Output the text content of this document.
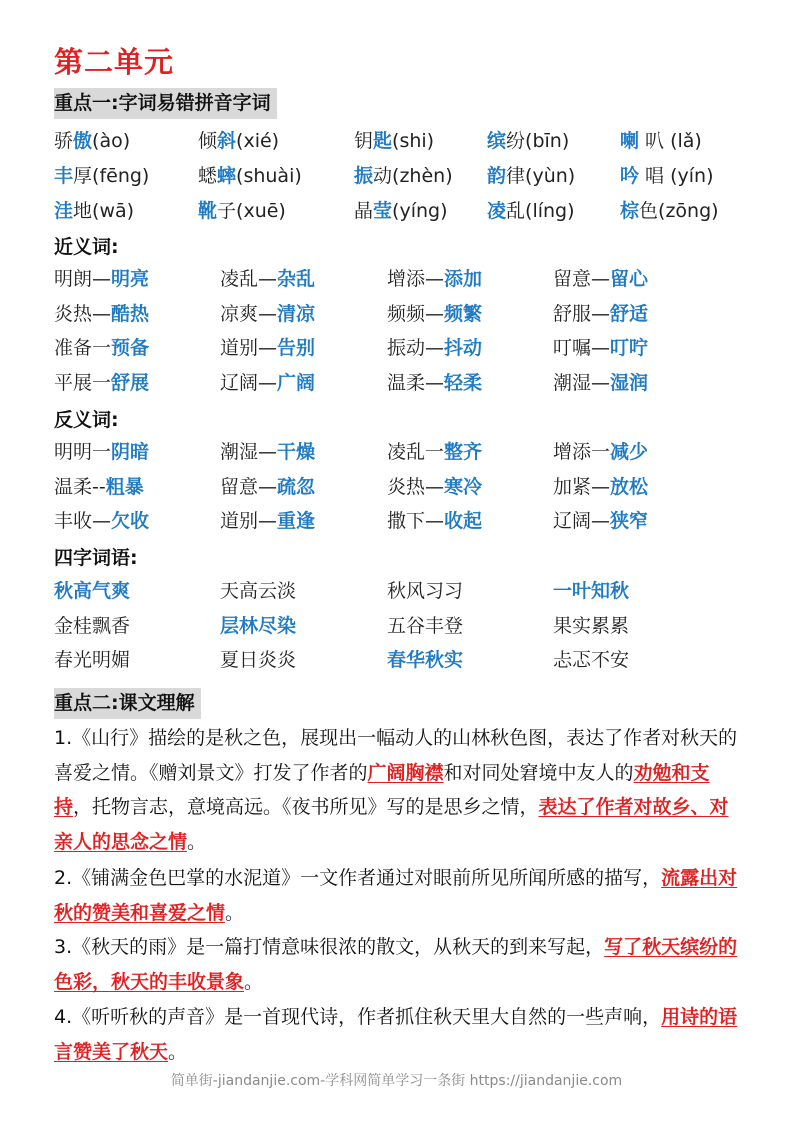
第二单元
重点一:字词易错拼音字词
骄傲(ào)	倾斜(xié)	钥匙(shi)	缤纷(bīn)	喇 叭 (lǎ)
丰厚(fēng)	蟋蟀(shuài)	振动(zhèn) 韵律(yùn) 吟 唱 (yín)
洼地(wā)	靴子(xuē)	晶莹(yíng) 凌乱(líng) 棕色(zōng)
近义词:
明朗—明亮	凌乱—杂乱	增添—添加	留意—留心
炎热—酷热	凉爽—清凉	频频—频繁	舒服—舒适
准备一预备	道别—告别	振动—抖动	叮嘱—叮咛
平展一舒展	辽阔—广阔	温柔—轻柔	潮湿—湿润
反义词:
明明一阴暗	潮湿—干燥	凌乱一整齐	增添一减少
温柔--粗暴	留意—疏忽	炎热—寒冷	加紧—放松
丰收—欠收	道别—重逢	撒下—收起	辽阔—狭窄
四字词语:
秋高气爽	天高云淡	秋风习习	一叶知秋
金桂飘香	层林尽染	五谷丰登	果实累累
春光明媚	夏日炎炎	春华秋实	忐忑不安
重点二:课文理解
1.《山行》描绘的是秋之色，展现出一幅动人的山林秋色图，表达了作者对秋天的喜爱之情。《赠刘景文》打发了作者的广阔胸襟和对同处窘境中友人的劝勉和支持，托物言志，意境高远。《夜书所见》写的是思乡之情，表达了作者对故乡、对亲人的思念之情。
2.《铺满金色巴掌的水泥道》一文作者通过对眼前所见所闻所感的描写，流露出对秋的赞美和喜爱之情。
3.《秋天的雨》是一篇打情意味很浓的散文，从秋天的到来写起，写了秋天缤纷的色彩，秋天的丰收景象。
4.《听听秋的声音》是一首现代诗，作者抓住秋天里大自然的一些声响，用诗的语言赞美了秋天。
简单街-jiandanjie.com-学科网简单学习一条街 https://jiandanjie.com
